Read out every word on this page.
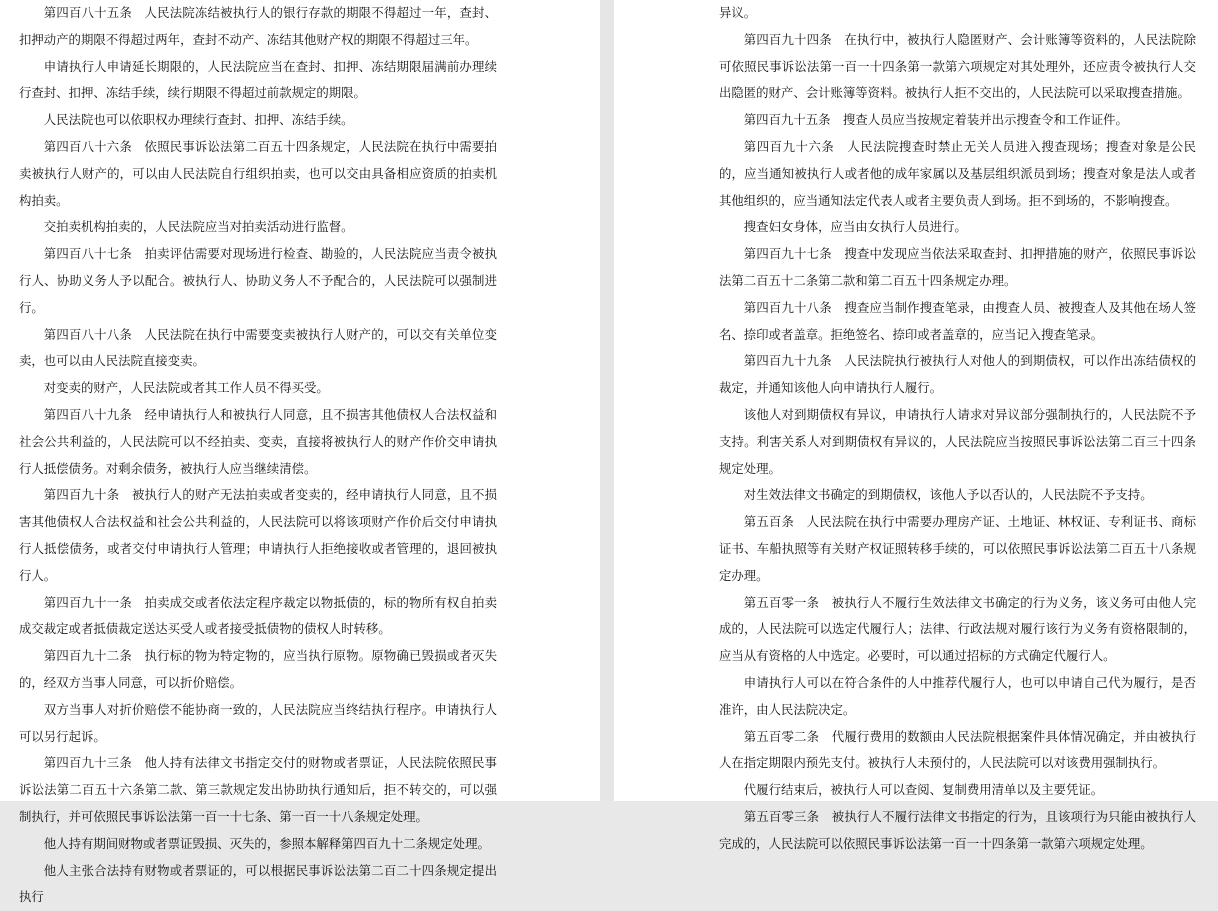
第四百八十五条　人民法院冻结被执行人的银行存款的期限不得超过一年，查封、扣押动产的期限不得超过两年，查封不动产、冻结其他财产权的期限不得超过三年。

申请执行人申请延长期限的，人民法院应当在查封、扣押、冻结期限届满前办理续行查封、扣押、冻结手续，续行期限不得超过前款规定的期限。

人民法院也可以依职权办理续行查封、扣押、冻结手续。

第四百八十六条　依照民事诉讼法第二百五十四条规定，人民法院在执行中需要拍卖被执行人财产的，可以由人民法院自行组织拍卖，也可以交由具备相应资质的拍卖机构拍卖。

交拍卖机构拍卖的，人民法院应当对拍卖活动进行监督。

第四百八十七条　拍卖评估需要对现场进行检查、勘验的，人民法院应当责令被执行人、协助义务人予以配合。被执行人、协助义务人不予配合的，人民法院可以强制进行。

第四百八十八条　人民法院在执行中需要变卖被执行人财产的，可以交有关单位变卖，也可以由人民法院直接变卖。

对变卖的财产，人民法院或者其工作人员不得买受。

第四百八十九条　经申请执行人和被执行人同意，且不损害其他债权人合法权益和社会公共利益的，人民法院可以不经拍卖、变卖，直接将被执行人的财产作价交申请执行人抵偿债务。对剩余债务，被执行人应当继续清偿。

第四百九十条　被执行人的财产无法拍卖或者变卖的，经申请执行人同意，且不损害其他债权人合法权益和社会公共利益的，人民法院可以将该项财产作价后交付申请执行人抵偿债务，或者交付申请执行人管理；申请执行人拒绝接收或者管理的，退回被执行人。

第四百九十一条　拍卖成交或者依法定程序裁定以物抵债的，标的物所有权自拍卖成交裁定或者抵债裁定送达买受人或者接受抵债物的债权人时转移。

第四百九十二条　执行标的物为特定物的，应当执行原物。原物确已毁损或者灭失的，经双方当事人同意，可以折价赔偿。

双方当事人对折价赔偿不能协商一致的，人民法院应当终结执行程序。申请执行人可以另行起诉。

第四百九十三条　他人持有法律文书指定交付的财物或者票证，人民法院依照民事诉讼法第二百五十六条第二款、第三款规定发出协助执行通知后，拒不转交的，可以强制执行，并可依照民事诉讼法第一百一十七条、第一百一十八条规定处理。

他人持有期间财物或者票证毁损、灭失的，参照本解释第四百九十二条规定处理。

他人主张合法持有财物或者票证的，可以根据民事诉讼法第二百二十四条规定提出执行

异议。

第四百九十四条　在执行中，被执行人隐匿财产、会计账簿等资料的，人民法院除可依照民事诉讼法第一百一十四条第一款第六项规定对其处理外，还应责令被执行人交出隐匿的财产、会计账簿等资料。被执行人拒不交出的，人民法院可以采取搜查措施。

第四百九十五条　搜查人员应当按规定着装并出示搜查令和工作证件。

第四百九十六条　人民法院搜查时禁止无关人员进入搜查现场；搜查对象是公民的，应当通知被执行人或者他的成年家属以及基层组织派员到场；搜查对象是法人或者其他组织的，应当通知法定代表人或者主要负责人到场。拒不到场的，不影响搜查。

搜查妇女身体，应当由女执行人员进行。

第四百九十七条　搜查中发现应当依法采取查封、扣押措施的财产，依照民事诉讼法第二百五十二条第二款和第二百五十四条规定办理。

第四百九十八条　搜查应当制作搜查笔录，由搜查人员、被搜查人及其他在场人签名、捺印或者盖章。拒绝签名、捺印或者盖章的，应当记入搜查笔录。

第四百九十九条　人民法院执行被执行人对他人的到期债权，可以作出冻结债权的裁定，并通知该他人向申请执行人履行。

该他人对到期债权有异议，申请执行人请求对异议部分强制执行的，人民法院不予支持。利害关系人对到期债权有异议的，人民法院应当按照民事诉讼法第二百三十四条规定处理。

对生效法律文书确定的到期债权，该他人予以否认的，人民法院不予支持。

第五百条　人民法院在执行中需要办理房产证、土地证、林权证、专利证书、商标证书、车船执照等有关财产权证照转移手续的，可以依照民事诉讼法第二百五十八条规定办理。

第五百零一条　被执行人不履行生效法律文书确定的行为义务，该义务可由他人完成的，人民法院可以选定代履行人；法律、行政法规对履行该行为义务有资格限制的，应当从有资格的人中选定。必要时，可以通过招标的方式确定代履行人。

申请执行人可以在符合条件的人中推荐代履行人，也可以申请自己代为履行，是否准许，由人民法院决定。

第五百零二条　代履行费用的数额由人民法院根据案件具体情况确定，并由被执行人在指定期限内预先支付。被执行人未预付的，人民法院可以对该费用强制执行。

代履行结束后，被执行人可以查阅、复制费用清单以及主要凭证。

第五百零三条　被执行人不履行法律文书指定的行为，且该项行为只能由被执行人完成的，人民法院可以依照民事诉讼法第一百一十四条第一款第六项规定处理。
